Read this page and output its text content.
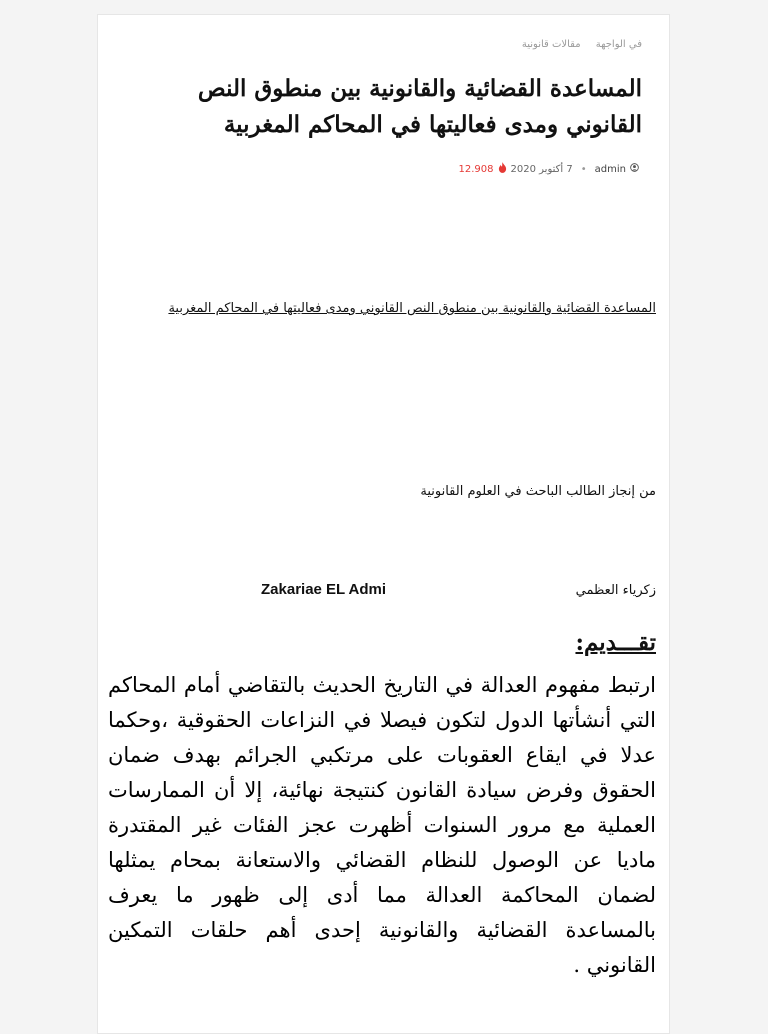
في الواجهة مقالات قانونية
المساعدة القضائية والقانونية بين منطوق النص القانوني ومدى فعاليتها في المحاكم المغربية
admin
•
7 أكتوبر 2020
12.908
المساعدة القضائية والقانونية بين منطوق النص القانوني ومدى فعاليتها في المحاكم المغربية
من إنجاز الطالب الباحث في العلوم القانونية
زكرياء العظمي
Zakariae EL Admi
تقـــديم:

ارتبط مفهوم العدالة في التاريخ الحديث بالتقاضي أمام المحاكم التي أنشأتها الدول لتكون فيصلا في النزاعات الحقوقية ،وحكما عدلا في ايقاع العقوبات على مرتكبي الجرائم بهدف ضمان الحقوق وفرض سيادة القانون كنتيجة نهائية، إلا أن الممارسات العملية مع مرور السنوات أظهرت عجز الفئات غير المقتدرة ماديا عن الوصول للنظام القضائي والاستعانة بمحام يمثلها لضمان المحاكمة العدالة مما أدى إلى ظهور ما يعرف بالمساعدة القضائية والقانونية إحدى أهم حلقات التمكين القانوني .
